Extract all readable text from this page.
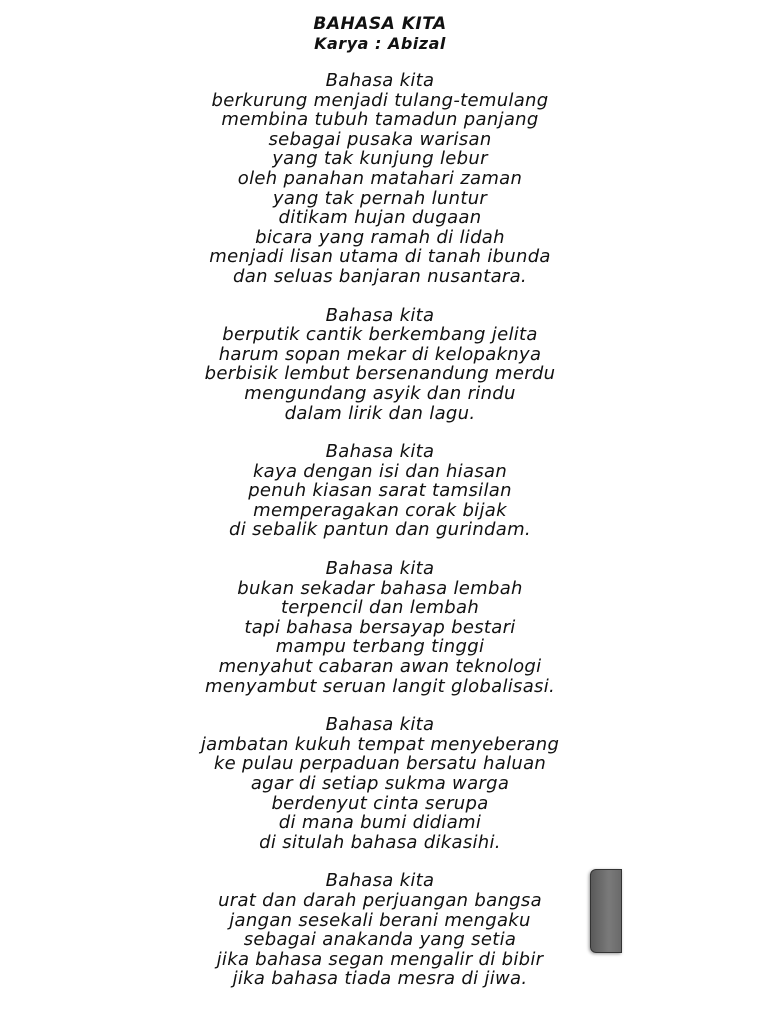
BAHASA KITA
Karya : Abizal
Bahasa kita
berkurung menjadi tulang-temulang
membina tubuh tamadun panjang
sebagai pusaka warisan
yang tak kunjung lebur
oleh panahan matahari zaman
yang tak pernah luntur
ditikam hujan dugaan
bicara yang ramah di lidah
menjadi lisan utama di tanah ibunda
dan seluas banjaran nusantara.
Bahasa kita
berputik cantik berkembang jelita
harum sopan mekar di kelopaknya
berbisik lembut bersenandung merdu
mengundang asyik dan rindu
dalam lirik dan lagu.
Bahasa kita
kaya dengan isi dan hiasan
penuh kiasan sarat tamsilan
memperagakan corak bijak
di sebalik pantun dan gurindam.
Bahasa kita
bukan sekadar bahasa lembah
terpencil dan lembah
tapi bahasa bersayap bestari
mampu terbang tinggi
menyahut cabaran awan teknologi
menyambut seruan langit globalisasi.
Bahasa kita
jambatan kukuh tempat menyeberang
ke pulau perpaduan bersatu haluan
agar di setiap sukma warga
berdenyut cinta serupa
di mana bumi didiami
di situlah bahasa dikasihi.
Bahasa kita
urat dan darah perjuangan bangsa
jangan sesekali berani mengaku
sebagai anakanda yang setia
jika bahasa segan mengalir di bibir
jika bahasa tiada mesra di jiwa.
